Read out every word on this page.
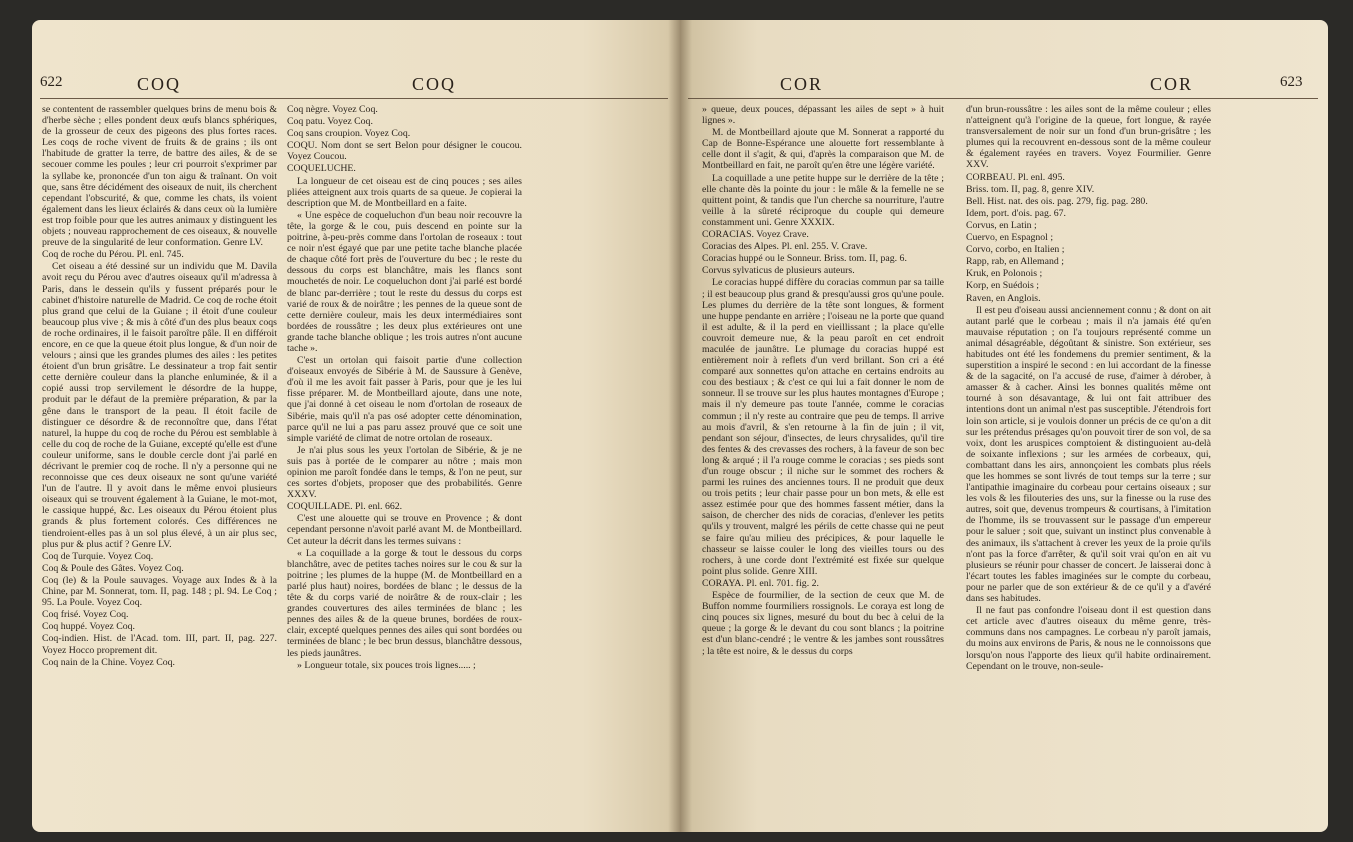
622	COQ	COQ

se contentent de rassembler quelques brins de menu bois & d'herbe sèche ; elles pondent deux œufs blancs sphériques, de la grosseur de ceux des pigeons des plus fortes races. Les coqs de roche vivent de fruits & de grains ; ils ont l'habitude de gratter la terre, de battre des ailes, & de se secouer comme les poules ; leur cri pourroit s'exprimer par la syllabe ke, prononcée d'un ton aigu & traînant. On voit que, sans être décidément des oiseaux de nuit, ils cherchent cependant l'obscurité, & que, comme les chats, ils voient également dans les lieux éclairés & dans ceux où la lumière est trop foible pour que les autres animaux y distinguent les objets ; nouveau rapprochement de ces oiseaux, & nouvelle preuve de la singularité de leur conformation. Genre LV.

Coq de roche du Pérou. Pl. enl. 745.

Cet oiseau a été dessiné sur un individu que M. Davila avoit reçu du Pérou avec d'autres oiseaux qu'il m'adressa à Paris, dans le dessein qu'ils y fussent préparés pour le cabinet d'histoire naturelle de Madrid. Ce coq de roche étoit plus grand que celui de la Guiane ; il étoit d'une couleur beaucoup plus vive ; & mis à côté d'un des plus beaux coqs de roche ordinaires, il le faisoit paroître pâle. Il en différoit encore, en ce que la queue étoit plus longue, & d'un noir de velours ; ainsi que les grandes plumes des ailes : les petites étoient d'un brun grisâtre. Le dessinateur a trop fait sentir cette dernière couleur dans la planche enluminée, & il a copié aussi trop servilement le désordre de la huppe, produit par le défaut de la première préparation, & par la gêne dans le transport de la peau. Il étoit facile de distinguer ce désordre & de reconnoître que, dans l'état naturel, la huppe du coq de roche du Pérou est semblable à celle du coq de roche de la Guiane, excepté qu'elle est d'une couleur uniforme, sans le double cercle dont j'ai parlé en décrivant le premier coq de roche. Il n'y a personne qui ne reconnoisse que ces deux oiseaux ne sont qu'une variété l'un de l'autre. Il y avoit dans le même envoi plusieurs oiseaux qui se trouvent également à la Guiane, le mot-mot, le cassique huppé, &c. Les oiseaux du Pérou étoient plus grands & plus fortement colorés. Ces différences ne tiendroient-elles pas à un sol plus élevé, à un air plus sec, plus pur & plus actif ? Genre LV.

Coq de Turquie. Voyez Coq.

Coq & Poule des Gâtes. Voyez Coq.

Coq (le) & la Poule sauvages. Voyage aux Indes & à la Chine, par M. Sonnerat, tom. II, pag. 148 ; pl. 94. Le Coq ; 95. La Poule. Voyez Coq.

Coq frisé. Voyez Coq.

Coq huppé. Voyez Coq.

Coq-indien. Hist. de l'Acad. tom. III, part. II, pag. 227. Voyez Hocco proprement dit.

Coq nain de la Chine. Voyez Coq.

Coq nègre. Voyez Coq.

Coq patu. Voyez Coq.

Coq sans croupion. Voyez Coq.

COQU. Nom dont se sert Belon pour désigner le coucou. Voyez Coucou.

COQUELUCHE.

La longueur de cet oiseau est de cinq pouces ; ses ailes pliées atteignent aux trois quarts de sa queue. Je copierai la description que M. de Montbeillard en a faite.

« Une espèce de coqueluchon d'un beau noir recouvre la tête, la gorge & le cou, puis descend en pointe sur la poitrine, à-peu-près comme dans l'ortolan de roseaux : tout ce noir n'est égayé que par une petite tache blanche placée de chaque côté fort près de l'ouverture du bec ; le reste du dessous du corps est blanchâtre, mais les flancs sont mouchetés de noir. Le coqueluchon dont j'ai parlé est bordé de blanc par-derrière ; tout le reste du dessus du corps est varié de roux & de noirâtre ; les pennes de la queue sont de cette dernière couleur, mais les deux intermédiaires sont bordées de roussâtre ; les deux plus extérieures ont une grande tache blanche oblique ; les trois autres n'ont aucune tache ».

C'est un ortolan qui faisoit partie d'une collection d'oiseaux envoyés de Sibérie à M. de Saussure à Genève, d'où il me les avoit fait passer à Paris, pour que je les lui fisse préparer. M. de Montbeillard ajoute, dans une note, que j'ai donné à cet oiseau le nom d'ortolan de roseaux de Sibérie, mais qu'il n'a pas osé adopter cette dénomination, parce qu'il ne lui a pas paru assez prouvé que ce soit une simple variété de climat de notre ortolan de roseaux.

Je n'ai plus sous les yeux l'ortolan de Sibérie, & je ne suis pas à portée de le comparer au nôtre ; mais mon opinion me paroît fondée dans le temps, & l'on ne peut, sur ces sortes d'objets, proposer que des probabilités. Genre XXXV.

COQUILLADE. Pl. enl. 662.

C'est une alouette qui se trouve en Provence ; & dont cependant personne n'avoit parlé avant M. de Montbeillard. Cet auteur la décrit dans les termes suivans :

« La coquillade a la gorge & tout le dessous du corps blanchâtre, avec de petites taches noires sur le cou & sur la poitrine ; les plumes de la huppe (M. de Montbeillard en a parlé plus haut) noires, bordées de blanc ; le dessus de la tête & du corps varié de noirâtre & de roux-clair ; les grandes couvertures des ailes terminées de blanc ; les pennes des ailes & de la queue brunes, bordées de roux-clair, excepté quelques pennes des ailes qui sont bordées ou terminées de blanc ; le bec brun dessus, blanchâtre dessous, les pieds jaunâtres.

» Longueur totale, six pouces trois lignes..... ;

COR	COR	623

» queue, deux pouces, dépassant les ailes de sept » à huit lignes ».

M. de Montbeillard ajoute que M. Sonnerat a rapporté du Cap de Bonne-Espérance une alouette fort ressemblante à celle dont il s'agit, & qui, d'après la comparaison que M. de Montbeillard en fait, ne paroît qu'en être une légère variété.

La coquillade a une petite huppe sur le derrière de la tête ; elle chante dès la pointe du jour : le mâle & la femelle ne se quittent point, & tandis que l'un cherche sa nourriture, l'autre veille à la sûreté réciproque du couple qui demeure constamment uni. Genre XXXIX.

CORACIAS. Voyez Crave.

Coracias des Alpes. Pl. enl. 255. V. Crave.

Coracias huppé ou le Sonneur. Briss. tom. II, pag. 6.

Corvus sylvaticus de plusieurs auteurs.

Le coracias huppé diffère du coracias commun par sa taille ; il est beaucoup plus grand & presqu'aussi gros qu'une poule. Les plumes du derrière de la tête sont longues, & forment une huppe pendante en arrière ; l'oiseau ne la porte que quand il est adulte, & il la perd en vieillissant ; la place qu'elle couvroit demeure nue, & la peau paroît en cet endroit maculée de jaunâtre. Le plumage du coracias huppé est entièrement noir à reflets d'un verd brillant. Son cri a été comparé aux sonnettes qu'on attache en certains endroits au cou des bestiaux ; & c'est ce qui lui a fait donner le nom de sonneur. Il se trouve sur les plus hautes montagnes d'Europe ; mais il n'y demeure pas toute l'année, comme le coracias commun ; il n'y reste au contraire que peu de temps. Il arrive au mois d'avril, & s'en retourne à la fin de juin ; il vit, pendant son séjour, d'insectes, de leurs chrysalides, qu'il tire des fentes & des crevasses des rochers, à la faveur de son bec long & arqué ; il l'a rouge comme le coracias ; ses pieds sont d'un rouge obscur ; il niche sur le sommet des rochers & parmi les ruines des anciennes tours. Il ne produit que deux ou trois petits ; leur chair passe pour un bon mets, & elle est assez estimée pour que des hommes fassent métier, dans la saison, de chercher des nids de coracias, d'enlever les petits qu'ils y trouvent, malgré les périls de cette chasse qui ne peut se faire qu'au milieu des précipices, & pour laquelle le chasseur se laisse couler le long des vieilles tours ou des rochers, à une corde dont l'extrémité est fixée sur quelque point plus solide. Genre XIII.

CORAYA. Pl. enl. 701. fig. 2.

Espèce de fourmilier, de la section de ceux que M. de Buffon nomme fourmiliers rossignols. Le coraya est long de cinq pouces six lignes, mesuré du bout du bec à celui de la queue ; la gorge & le devant du cou sont blancs ; la poitrine est d'un blanc-cendré ; le ventre & les jambes sont roussâtres ; la tête est noire, & le dessus du corps

d'un brun-roussâtre : les ailes sont de la même couleur ; elles n'atteignent qu'à l'origine de la queue, fort longue, & rayée transversalement de noir sur un fond d'un brun-grisâtre ; les plumes qui la recouvrent en-dessous sont de la même couleur & également rayées en travers. Voyez Fourmilier. Genre XXV.

CORBEAU. Pl. enl. 495.

Briss. tom. II, pag. 8, genre XIV.

Bell. Hist. nat. des ois. pag. 279, fig. pag. 280.

Idem, port. d'ois. pag. 67.

Corvus, en Latin ;

Cuervo, en Espagnol ;

Corvo, corbo, en Italien ;

Rapp, rab, en Allemand ;

Kruk, en Polonois ;

Korp, en Suédois ;

Raven, en Anglois.

Il est peu d'oiseau aussi anciennement connu ; & dont on ait autant parlé que le corbeau ; mais il n'a jamais été qu'en mauvaise réputation ; on l'a toujours représenté comme un animal désagréable, dégoûtant & sinistre. Son extérieur, ses habitudes ont été les fondemens du premier sentiment, & la superstition a inspiré le second : en lui accordant de la finesse & de la sagacité, on l'a accusé de ruse, d'aimer à dérober, à amasser & à cacher. Ainsi les bonnes qualités même ont tourné à son désavantage, & lui ont fait attribuer des intentions dont un animal n'est pas susceptible. J'étendrois fort loin son article, si je voulois donner un précis de ce qu'on a dit sur les prétendus présages qu'on pouvoit tirer de son vol, de sa voix, dont les aruspices comptoient & distinguoient au-delà de soixante inflexions ; sur les armées de corbeaux, qui, combattant dans les airs, annonçoient les combats plus réels que les hommes se sont livrés de tout temps sur la terre ; sur l'antipathie imaginaire du corbeau pour certains oiseaux ; sur les vols & les filouteries des uns, sur la finesse ou la ruse des autres, soit que, devenus trompeurs & courtisans, à l'imitation de l'homme, ils se trouvassent sur le passage d'un empereur pour le saluer ; soit que, suivant un instinct plus convenable à des animaux, ils s'attachent à crever les yeux de la proie qu'ils n'ont pas la force d'arrêter, & qu'il soit vrai qu'on en ait vu plusieurs se réunir pour chasser de concert. Je laisserai donc à l'écart toutes les fables imaginées sur le compte du corbeau, pour ne parler que de son extérieur & de ce qu'il y a d'avéré dans ses habitudes.

Il ne faut pas confondre l'oiseau dont il est question dans cet article avec d'autres oiseaux du même genre, très-communs dans nos campagnes. Le corbeau n'y paroît jamais, du moins aux environs de Paris, & nous ne le connoissons que lorsqu'on nous l'apporte des lieux qu'il habite ordinairement. Cependant on le trouve, non-seule-
